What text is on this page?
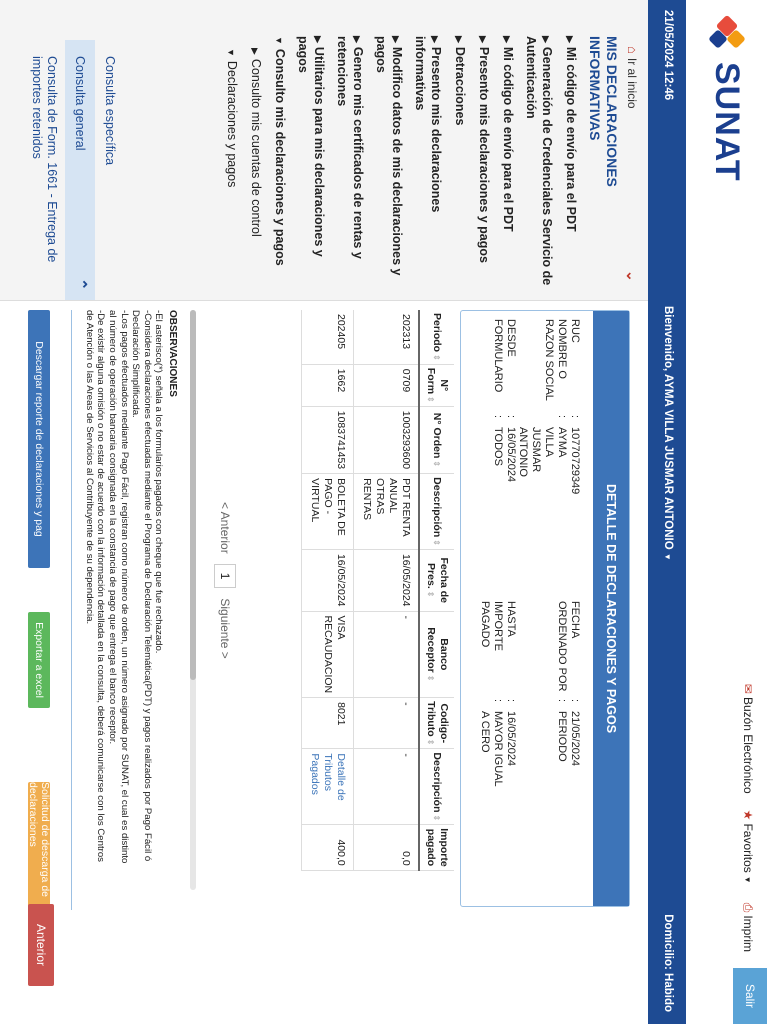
SUNAT
✉
Buzón Electrónico
★
Favoritos
▼
⎙
Imprim
Salir
21/05/2024 12:46
Bienvenido, AYMA VILLA JUSMAR ANTONIO ▼
Domicilio: Habido
⌂
Ir al inicio
⌄
MIS DECLARACIONES INFORMATIVAS
▶Mi código de envío para el PDT
▶Generación de Credenciales Servicio de Autenticación
▶Mi código de envío para el PDT
▶Presento mis declaraciones y pagos
▶Detracciones
▶Presento mis declaraciones informativas
▶Modifico datos de mis declaraciones y pagos
▶Genero mis certificados de rentas y retenciones
▶Utilitarios para mis declaraciones y pagos
▼Consulto mis declaraciones y pagos
▶Consulto mis cuentas de control
▼Declaraciones y pagos
Consulta específica
Consulta general
⌃
Consulta de Form. 1661 - Entrega de importes retenidos
DETALLE DE DECLARACIONES Y PAGOS
RUC
:
10770729349
NOMBRE O RAZON SOCIAL
:
AYMA VILLA JUSMAR ANTONIO
DESDE
:
16/05/2024
FORMULARIO
:
TODOS
FECHA
:
21/05/2024
ORDENADO POR
:
PERIODO
HASTA
:
16/05/2024
IMPORTE PAGADO
:
MAYOR IGUAL A CERO
Periodo⇕	N° Form⇕	N° Orden⇕	Descripción⇕	Fecha de Pres.⇕	Banco Receptor⇕	Codigo-Tributo⇕	Descripción⇕	Importe pagado
202313	0709	1003293600	PDT RENTA ANUAL OTRAS RENTAS	16/05/2024	-	-	-	0,0
202405	1662	1083741453	BOLETA DE PAGO - VIRTUAL	16/05/2024	VISA RECAUDACION	8021	Detalle de Tributos Pagados	400,0
< Anterior
1
Siguiente >
OBSERVACIONES

-El asterisco(*) señala a los formularios pagados con cheque que fue rechazado.

-Considera declaraciones efectuadas mediante el Programa de Declaración Telemática(PDT) y pagos realizados por Pago Fácil ó Declaración Simplificada.

-Los pagos efectuados mediante Pago Fácil, registran como número de orden, un número asignado por SUNAT, el cual es distinto al número de operación bancaria consignada en la constancia de pago que entrega el banco receptor.

-De existir alguna omisión o no estar de acuerdo con la información detallada en la consulta, deberá comunicarse con los Centros de Atención o las Areas de Servicios al Contribuyente de su dependencia.

Descargar reporte de declaraciones y pag
Exportar a excel
Solicitud de descarga de declaraciones
Anterior
